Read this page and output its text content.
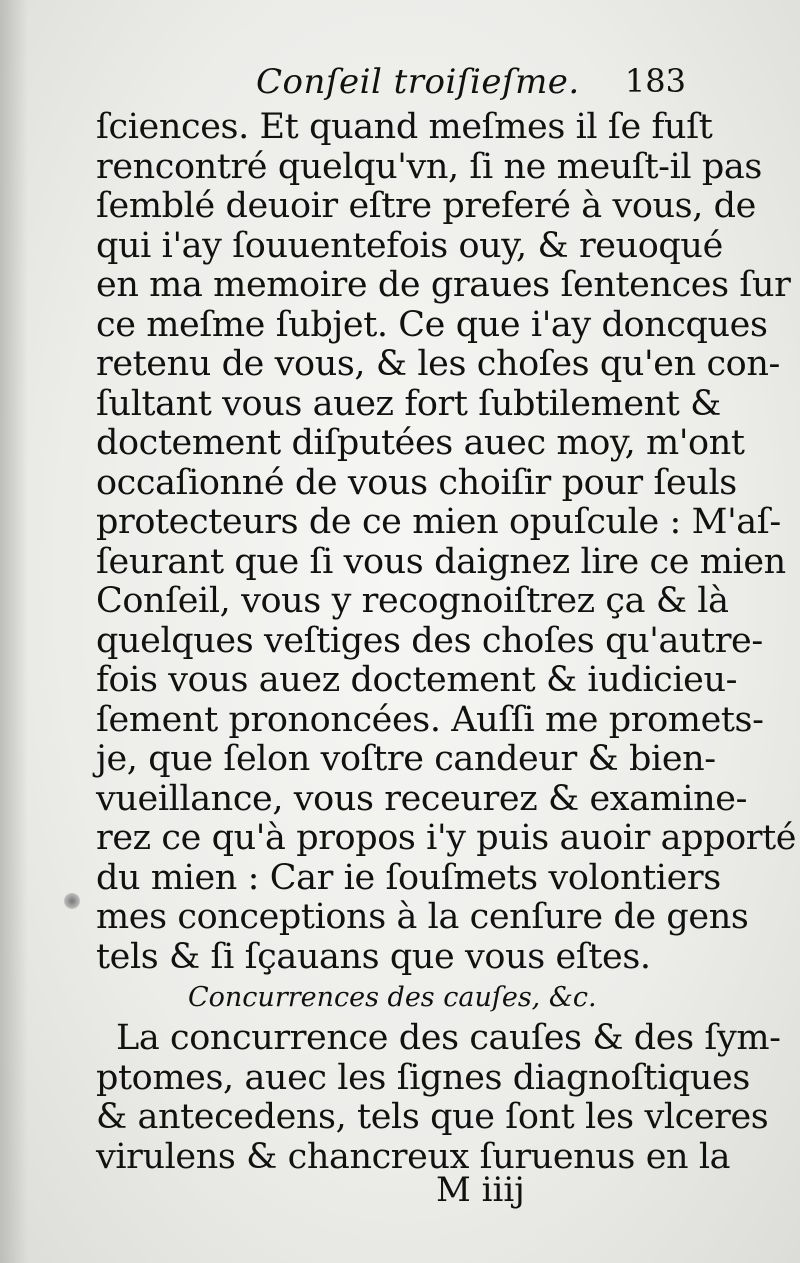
Conſeil troiſieſme. 183
ſciences. Et quand meſmes il ſe fuſt
rencontré quelqu'vn, ſi ne meuſt-il pas
ſemblé deuoir eſtre preferé à vous, de
qui i'ay ſouuentefois ouy, & reuoqué
en ma memoire de graues ſentences ſur
ce meſme ſubjet. Ce que i'ay doncques
retenu de vous, & les choſes qu'en con-
ſultant vous auez fort ſubtilement &
doctement diſputées auec moy, m'ont
occaſionné de vous choiſir pour ſeuls
protecteurs de ce mien opuſcule : M'aſ-
ſeurant que ſi vous daignez lire ce mien
Conſeil, vous y recognoiſtrez ça & là
quelques veſtiges des choſes qu'autre-
fois vous auez doctement & iudicieu-
ſement prononcées. Auſſi me promets-
je, que ſelon voſtre candeur & bien-
vueillance, vous receurez & examine-
rez ce qu'à propos i'y puis auoir apporté
du mien : Car ie ſouſmets volontiers
mes conceptions à la cenſure de gens
tels & ſi ſçauans que vous eſtes.
Concurrences des cauſes, &c.
La concurrence des cauſes & des ſym-
ptomes, auec les ſignes diagnoſtiques
& antecedens, tels que ſont les vlceres
virulens & chancreux ſuruenus en la
M iiij
